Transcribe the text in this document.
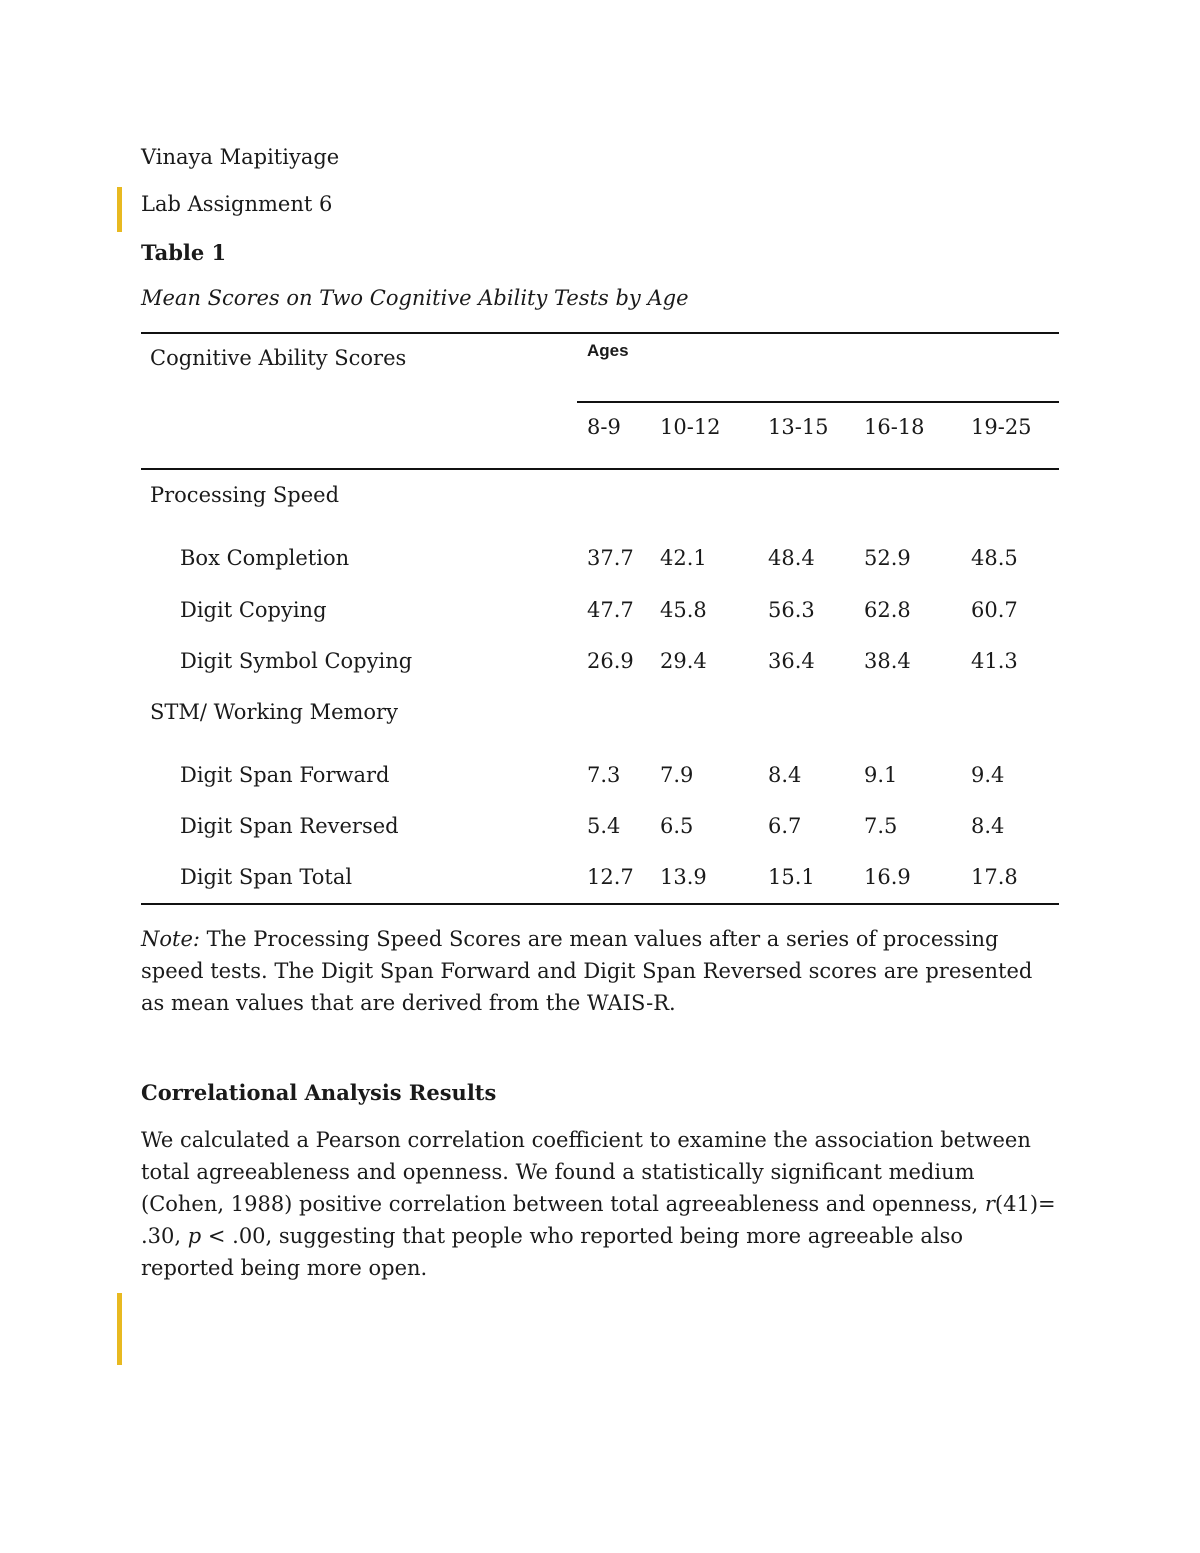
Vinaya Mapitiyage
Lab Assignment 6
Table 1
Mean Scores on Two Cognitive Ability Tests by Age
Cognitive Ability Scores	Ages
8-9 10-12 13-15 16-18 19-25
Processing Speed
Box Completion	37.7 42.1	48.4 52.9	48.5
Digit Copying	47.7 45.8	56.3 62.8	60.7
Digit Symbol Copying	26.9 29.4	36.4 38.4	41.3
STM/ Working Memory
Digit Span Forward	7.3 7.9	8.4	9.1	9.4
Digit Span Reversed	5.4 6.5	6.7	7.5	8.4
Digit Span Total	12.7 13.9	15.1 16.9	17.8
Note: The Processing Speed Scores are mean values after a series of processing speed tests. The Digit Span Forward and Digit Span Reversed scores are presented as mean values that are derived from the WAIS-R.
Correlational Analysis Results
We calculated a Pearson correlation coefficient to examine the association between total agreeableness and openness. We found a statistically significant medium (Cohen, 1988) positive correlation between total agreeableness and openness, r(41)= .30, p < .00, suggesting that people who reported being more agreeable also reported being more open.
